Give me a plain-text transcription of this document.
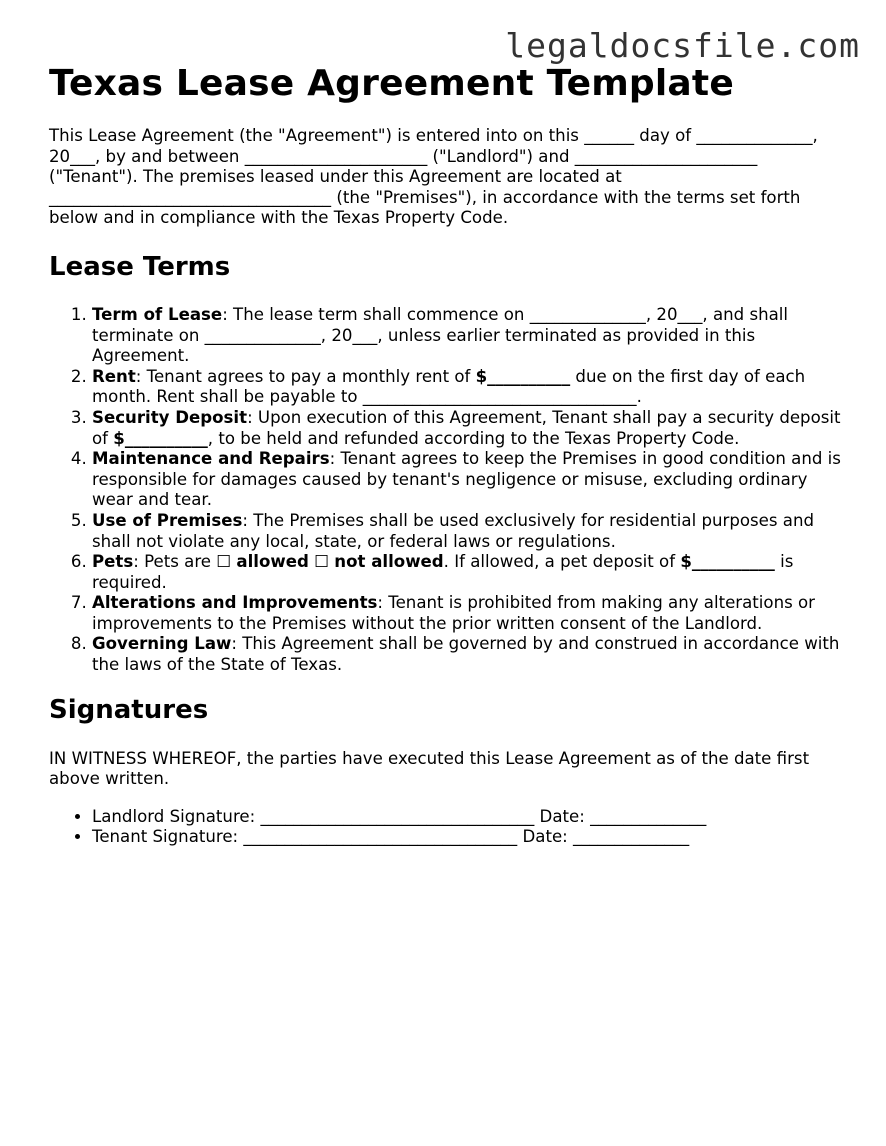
legaldocsfile.com
Texas Lease Agreement Template

This Lease Agreement (the "Agreement") is entered into on this ______ day of ______________, 20___, by and between ______________________ ("Landlord") and ______________________ ("Tenant"). The premises leased under this Agreement are located at __________________________________ (the "Premises"), in accordance with the terms set forth below and in compliance with the Texas Property Code.

Lease Terms
1. Term of Lease: The lease term shall commence on ______________, 20___, and shall terminate on ______________, 20___, unless earlier terminated as provided in this Agreement.
2. Rent: Tenant agrees to pay a monthly rent of $__________ due on the first day of each month. Rent shall be payable to _________________________________.
3. Security Deposit: Upon execution of this Agreement, Tenant shall pay a security deposit of $__________, to be held and refunded according to the Texas Property Code.
4. Maintenance and Repairs: Tenant agrees to keep the Premises in good condition and is responsible for damages caused by tenant's negligence or misuse, excluding ordinary wear and tear.
5. Use of Premises: The Premises shall be used exclusively for residential purposes and shall not violate any local, state, or federal laws or regulations.
6. Pets: Pets are ☐ allowed ☐ not allowed. If allowed, a pet deposit of $__________ is required.
7. Alterations and Improvements: Tenant is prohibited from making any alterations or improvements to the Premises without the prior written consent of the Landlord.
8. Governing Law: This Agreement shall be governed by and construed in accordance with the laws of the State of Texas.
Signatures

IN WITNESS WHEREOF, the parties have executed this Lease Agreement as of the date first above written.

• Landlord Signature: _________________________________ Date: ______________
• Tenant Signature: _________________________________ Date: ______________
